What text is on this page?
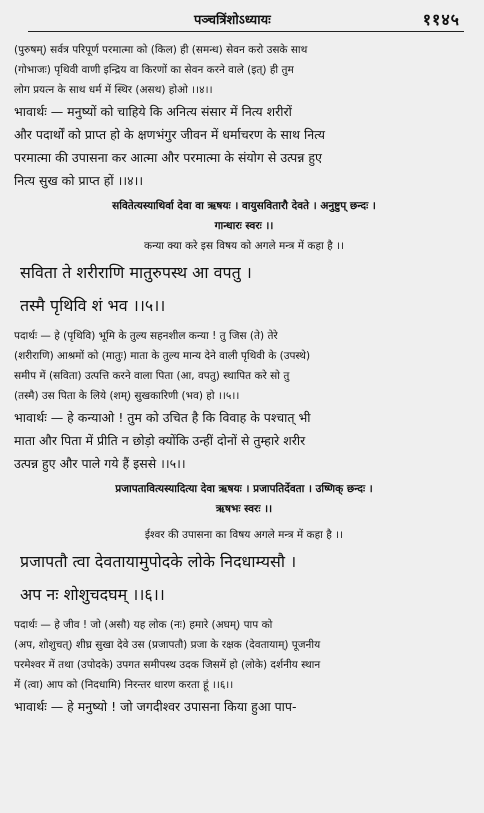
पञ्चत्रिंशोऽध्यायः	११४५
(पुरुषम्) सर्वत्र परिपूर्ण परमात्मा को (किल) ही (समन्ध) सेवन करो उसके साथ
(गोभाजः) पृथिवी वाणी इन्द्रिय वा किरणों का सेवन करने वाले (इत्) ही तुम
लोग प्रयत्न के साथ धर्म में स्थिर (असथ) होओ ।।४।।
भावार्थः — मनुष्यों को चाहिये कि अनित्य संसार में नित्य शरीरों
और पदार्थों को प्राप्त हो के क्षणभंगुर जीवन में धर्माचरण के साथ नित्य
परमात्मा की उपासना कर आत्मा और परमात्मा के संयोग से उत्पन्न हुए
नित्य सुख को प्राप्त हों ।।४।।
सवितेत्यस्याथिर्वा देवा वा ऋषयः । वायुसवितारौ देवते । अनुष्टुप् छन्दः ।
गान्धारः स्वरः ।।
कन्या क्या करे इस विषय को अगले मन्त्र में कहा है ।।
सविता ते शरीराणि मातुरुपस्थ आ वपतु ।
तस्मै पृथिवि शं भव ।।५।।
पदार्थः — हे (पृथिवि) भूमि के तुल्य सहनशील कन्या ! तु जिस (ते) तेरे
(शरीराणि) आश्रमों को (मातुः) माता के तुल्य मान्य देने वाली पृथिवी के (उपस्थे)
समीप में (सविता) उत्पत्ति करने वाला पिता (आ, वपतु) स्थापित करे सो तु
(तस्मै) उस पिता के लिये (शम्) सुखकारिणी (भव) हो ।।५।।
भावार्थः — हे कन्याओ ! तुम को उचित है कि विवाह के पश्चात् भी
माता और पिता में प्रीति न छोड़ो क्योंकि उन्हीं दोनों से तुम्हारे शरीर
उत्पन्न हुए और पाले गये हैं इससे ।।५।।
प्रजापतावित्यस्यादित्या देवा ऋषयः । प्रजापतिर्देवता । उष्णिक् छन्दः ।
ऋषभः स्वरः ।।
ईश्वर की उपासना का विषय अगले मन्त्र में कहा है ।।
प्रजापतौ त्वा देवतायामुपोदके लोके निदधाम्यसौ ।
अप नः शोशुचदघम् ।।६।।
पदार्थः — हे जीव ! जो (असौ) यह लोक (नः) हमारे (अघम्) पाप को
(अप, शोशुचत्) शीघ्र सुखा देवे उस (प्रजापतौ) प्रजा के रक्षक (देवतायाम्) पूजनीय
परमेश्वर में तथा (उपोदके) उपगत समीपस्थ उदक जिसमें हो (लोके) दर्शनीय स्थान
में (त्वा) आप को (निदधामि) निरन्तर धारण करता हूं ।।६।।
भावार्थः — हे मनुष्यो ! जो जगदीश्वर उपासना किया हुआ पाप-
